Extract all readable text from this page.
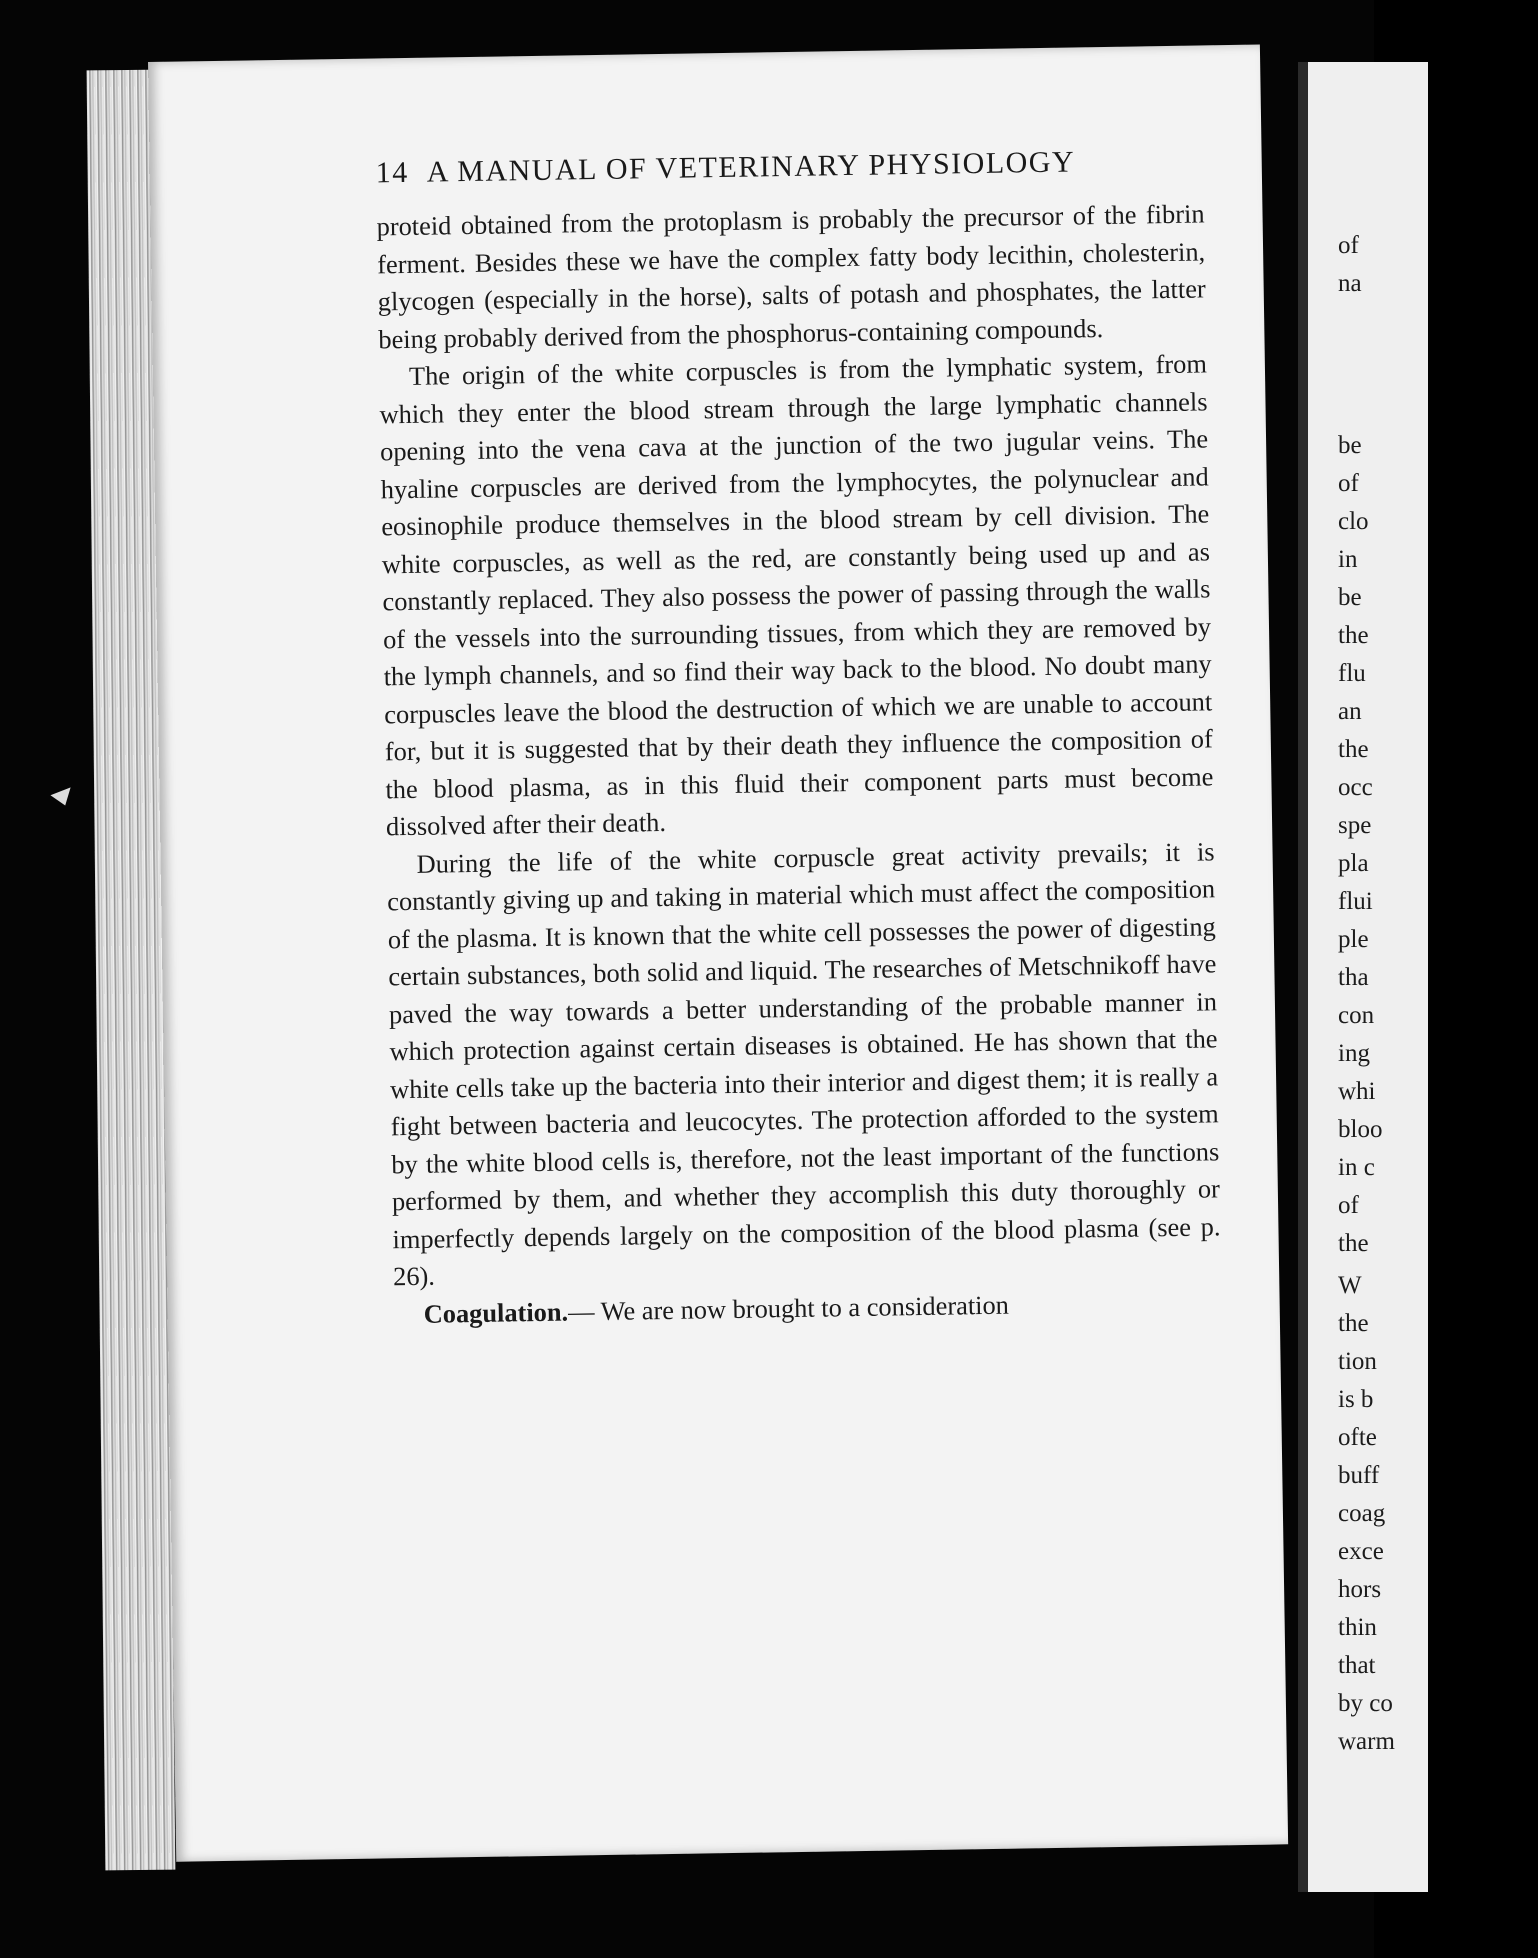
14 A MANUAL OF VETERINARY PHYSIOLOGY

proteid obtained from the protoplasm is probably the precursor of the fibrin ferment. Besides these we have the complex fatty body lecithin, cholesterin, glycogen (especially in the horse), salts of potash and phosphates, the latter being probably derived from the phosphorus-containing compounds.

The origin of the white corpuscles is from the lymphatic system, from which they enter the blood stream through the large lymphatic channels opening into the vena cava at the junction of the two jugular veins. The hyaline corpuscles are derived from the lymphocytes, the polynuclear and eosinophile produce themselves in the blood stream by cell division. The white corpuscles, as well as the red, are constantly being used up and as constantly replaced. They also possess the power of passing through the walls of the vessels into the surrounding tissues, from which they are removed by the lymph channels, and so find their way back to the blood. No doubt many corpuscles leave the blood the destruction of which we are unable to account for, but it is suggested that by their death they influence the composition of the blood plasma, as in this fluid their component parts must become dissolved after their death.

During the life of the white corpuscle great activity prevails; it is constantly giving up and taking in material which must affect the composition of the plasma. It is known that the white cell possesses the power of digesting certain substances, both solid and liquid. The researches of Metschnikoff have paved the way towards a better understanding of the probable manner in which protection against certain diseases is obtained. He has shown that the white cells take up the bacteria into their interior and digest them; it is really a fight between bacteria and leucocytes. The protection afforded to the system by the white blood cells is, therefore, not the least important of the functions performed by them, and whether they accomplish this duty thoroughly or imperfectly depends largely on the composition of the blood plasma (see p. 26).

Coagulation.— We are now brought to a consideration

of
na
be
of
clo
in
be
the
flu
an
the
occ
spe
pla
flui
ple
tha
con
ing
whi
bloo
in c
of
the
W
the
tion
is b
ofte
buff
coag
exce
hors
thin
that
by co
warm
